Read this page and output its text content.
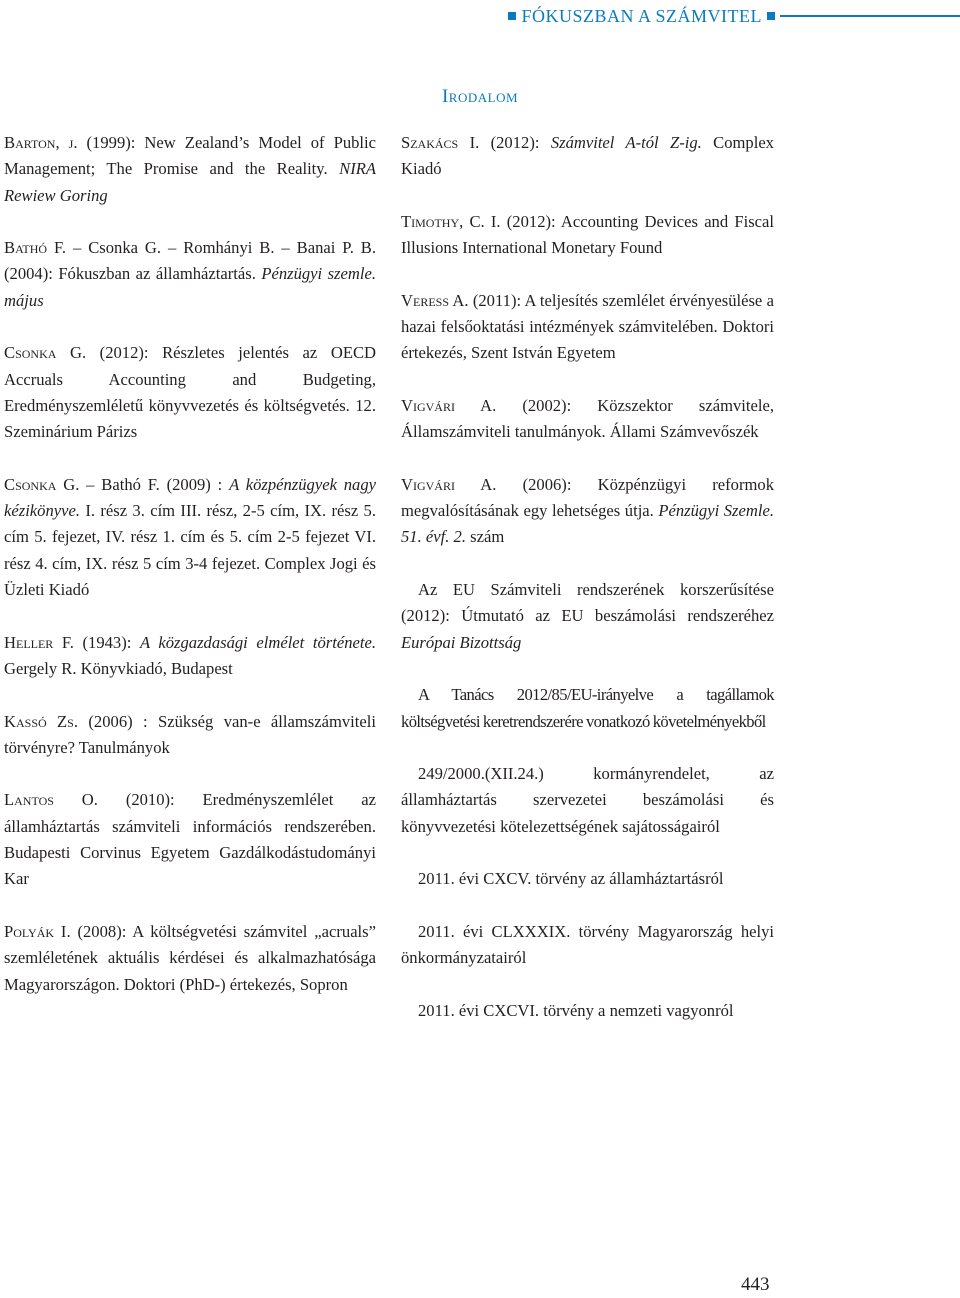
FÓKUSZBAN A SZÁMVITEL
Irodalom

Barton, j. (1999): New Zealand’s Model of Public Management; The Promise and the Reality. NIRA Rewiew Goring

Bathó F. – Csonka G. – Romhányi B. – Banai P. B. (2004): Fókuszban az államháztartás. Pénzügyi szemle. május

Csonka G. (2012): Részletes jelentés az OECD Accruals Accounting and Budgeting, Eredményszemléletű könyvvezetés és költségvetés. 12. Szeminárium Párizs

Csonka G. – Bathó F. (2009) : A közpénzügyek nagy kézikönyve. I. rész 3. cím III. rész, 2-5 cím, IX. rész 5. cím 5. fejezet, IV. rész 1. cím és 5. cím 2-5 fejezet VI. rész 4. cím, IX. rész 5 cím 3-4 fejezet. Complex Jogi és Üzleti Kiadó

Heller F. (1943): A közgazdasági elmélet története. Gergely R. Könyvkiadó, Budapest

Kassó Zs. (2006) : Szükség van-e államszámviteli törvényre? Tanulmányok

Lantos O. (2010): Eredményszemlélet az államháztartás számviteli információs rendszerében. Budapesti Corvinus Egyetem Gazdálkodástudományi Kar

Polyák I. (2008): A költségvetési számvitel „acruals” szemléletének aktuális kérdései és alkalmazhatósága Magyarországon. Doktori (PhD-) értekezés, Sopron

Szakács I. (2012): Számvitel A-tól Z-ig. Complex Kiadó

Timothy, C. I. (2012): Accounting Devices and Fiscal Illusions International Monetary Found

Veress A. (2011): A teljesítés szemlélet érvényesülése a hazai felsőoktatási intézmények számvitelében. Doktori értekezés, Szent István Egyetem

Vigvári A. (2002): Közszektor számvitele, Államszámviteli tanulmányok. Állami Számvevőszék

Vigvári A. (2006): Közpénzügyi reformok megvalósításának egy lehetséges útja. Pénzügyi Szemle. 51. évf. 2. szám

Az EU Számviteli rendszerének korszerűsítése (2012): Útmutató az EU beszámolási rendszeréhez Európai Bizottság

A Tanács 2012/85/EU-irányelve a tagállamok költségvetési keretrendszerére vonatkozó követelményekből

249/2000.(XII.24.) kormányrendelet, az államháztartás szervezetei beszámolási és könyvvezetési kötelezettségének sajátosságairól

2011. évi CXCV. törvény az államháztartásról

2011. évi CLXXXIX. törvény Magyarország helyi önkormányzatairól

2011. évi CXCVI. törvény a nemzeti vagyonról

443
